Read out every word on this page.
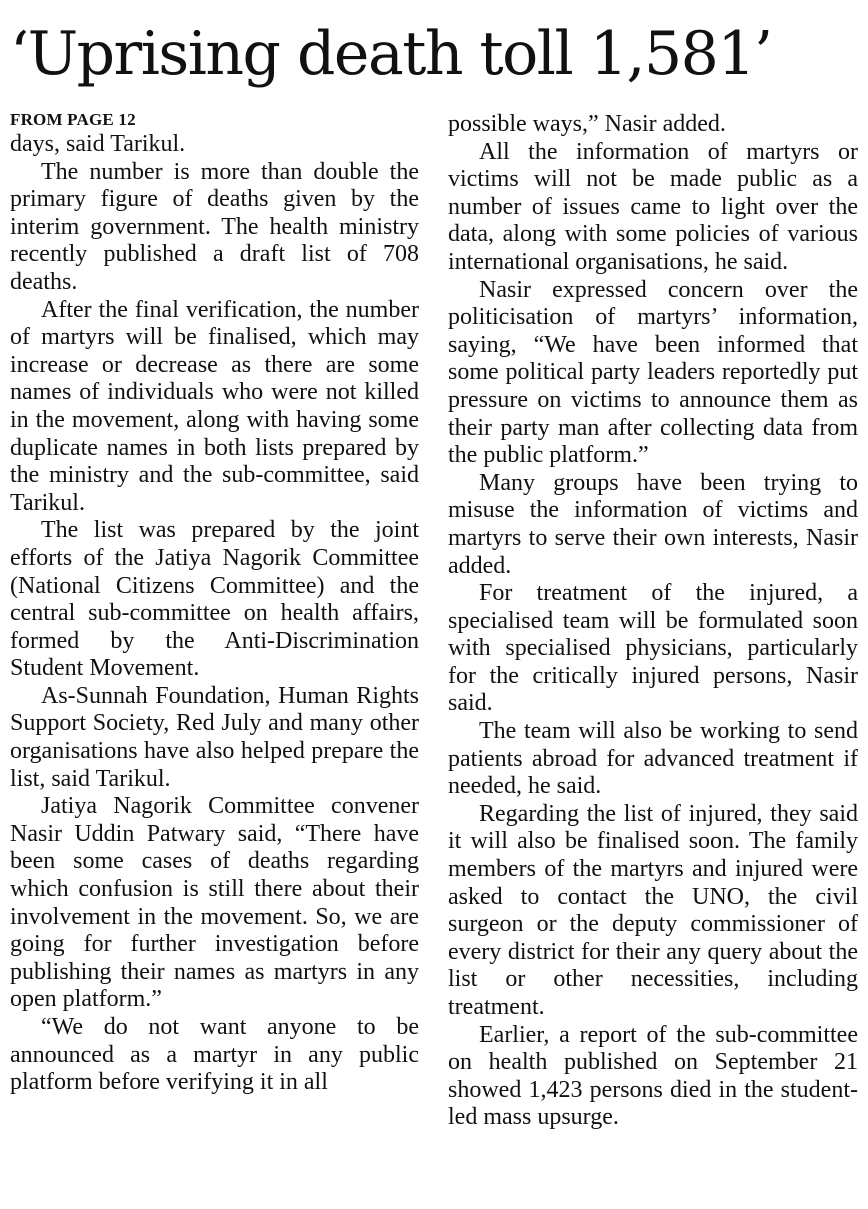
‘Uprising death toll 1,581’
FROM PAGE 12

days, said Tarikul.

The number is more than double the primary figure of deaths given by the interim government. The health ministry recently published a draft list of 708 deaths.

After the final verification, the number of martyrs will be finalised, which may increase or decrease as there are some names of individuals who were not killed in the movement, along with having some duplicate names in both lists prepared by the ministry and the sub-committee, said Tarikul.

The list was prepared by the joint efforts of the Jatiya Nagorik Committee (National Citizens Committee) and the central sub-committee on health affairs, formed by the Anti-Discrimination Student Movement.

As-Sunnah Foundation, Human Rights Support Society, Red July and many other organisations have also helped prepare the list, said Tarikul.

Jatiya Nagorik Committee convener Nasir Uddin Patwary said, “There have been some cases of deaths regarding which confusion is still there about their involvement in the movement. So, we are going for further investigation before publishing their names as martyrs in any open platform.”

“We do not want anyone to be announced as a martyr in any public platform before verifying it in all

possible ways,” Nasir added.

All the information of martyrs or victims will not be made public as a number of issues came to light over the data, along with some policies of various international organisations, he said.

Nasir expressed concern over the politicisation of martyrs’ information, saying, “We have been informed that some political party leaders reportedly put pressure on victims to announce them as their party man after collecting data from the public platform.”

Many groups have been trying to misuse the information of victims and martyrs to serve their own interests, Nasir added.

For treatment of the injured, a specialised team will be formulated soon with specialised physicians, particularly for the critically injured persons, Nasir said.

The team will also be working to send patients abroad for advanced treatment if needed, he said.

Regarding the list of injured, they said it will also be finalised soon. The family members of the martyrs and injured were asked to contact the UNO, the civil surgeon or the deputy commissioner of every district for their any query about the list or other necessities, including treatment.

Earlier, a report of the sub-committee on health published on September 21 showed 1,423 persons died in the student-led mass upsurge.
